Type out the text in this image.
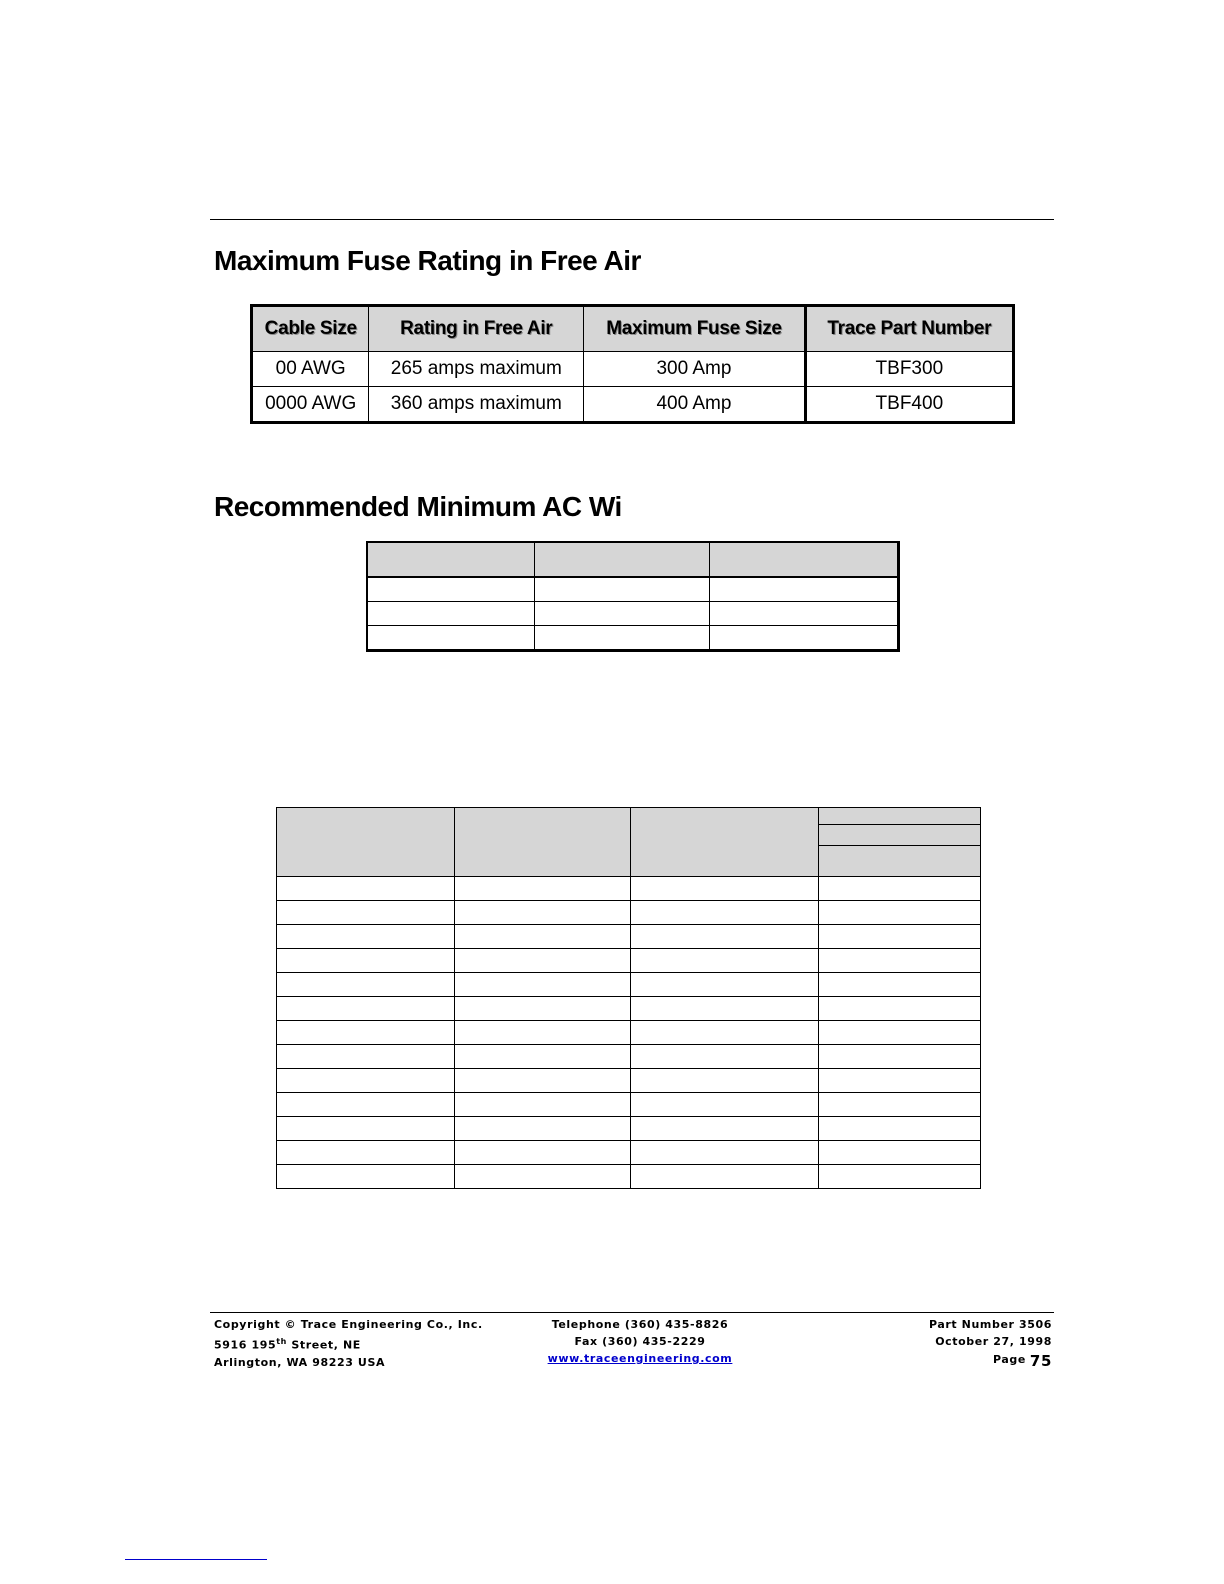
Maximum Fuse Rating in Free Air
Cable Size	Rating in Free Air	Maximum Fuse Size	Trace Part Number
00 AWG	265 amps maximum	300 Amp	TBF300
0000 AWG	360 amps maximum	400 Amp	TBF400
Recommended Minimum AC Wi

Copyright © Trace Engineering Co., Inc.
5916 195th Street, NE
Arlington, WA 98223 USA
Telephone (360) 435-8826
Fax (360) 435-2229
www.traceengineering.com
Part Number 3506
October 27, 1998
Page 75
